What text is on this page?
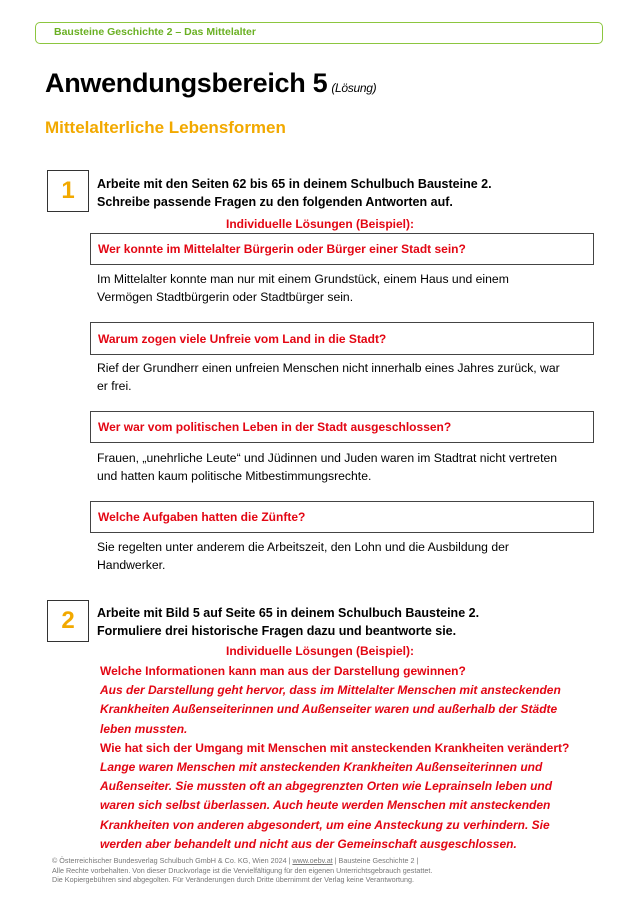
Bausteine Geschichte 2 – Das Mittelalter
Anwendungsbereich 5 (Lösung)
Mittelalterliche Lebensformen
1	Arbeite mit den Seiten 62 bis 65 in deinem Schulbuch Bausteine 2.
Schreibe passende Fragen zu den folgenden Antworten auf.
Individuelle Lösungen (Beispiel):
Wer konnte im Mittelalter Bürgerin oder Bürger einer Stadt sein?
Im Mittelalter konnte man nur mit einem Grundstück, einem Haus und einem
Vermögen Stadtbürgerin oder Stadtbürger sein.
Warum zogen viele Unfreie vom Land in die Stadt?
Rief der Grundherr einen unfreien Menschen nicht innerhalb eines Jahres zurück, war
er frei.
Wer war vom politischen Leben in der Stadt ausgeschlossen?
Frauen, „unehrliche Leute“ und Jüdinnen und Juden waren im Stadtrat nicht vertreten
und hatten kaum politische Mitbestimmungsrechte.
Welche Aufgaben hatten die Zünfte?
Sie regelten unter anderem die Arbeitszeit, den Lohn und die Ausbildung der
Handwerker.
2	Arbeite mit Bild 5 auf Seite 65 in deinem Schulbuch Bausteine 2.
Formuliere drei historische Fragen dazu und beantworte sie.
Individuelle Lösungen (Beispiel):
Welche Informationen kann man aus der Darstellung gewinnen?
Aus der Darstellung geht hervor, dass im Mittelalter Menschen mit ansteckenden
Krankheiten Außenseiterinnen und Außenseiter waren und außerhalb der Städte
leben mussten.
Wie hat sich der Umgang mit Menschen mit ansteckenden Krankheiten verändert?
Lange waren Menschen mit ansteckenden Krankheiten Außenseiterinnen und
Außenseiter. Sie mussten oft an abgegrenzten Orten wie Leprainseln leben und
waren sich selbst überlassen. Auch heute werden Menschen mit ansteckenden
Krankheiten von anderen abgesondert, um eine Ansteckung zu verhindern. Sie
werden aber behandelt und nicht aus der Gemeinschaft ausgeschlossen.
© Österreichischer Bundesverlag Schulbuch GmbH & Co. KG, Wien 2024 | www.oebv.at | Bausteine Geschichte 2 |
Alle Rechte vorbehalten. Von dieser Druckvorlage ist die Vervielfältigung für den eigenen Unterrichtsgebrauch gestattet.
Die Kopiergebühren sind abgegolten. Für Veränderungen durch Dritte übernimmt der Verlag keine Verantwortung.
